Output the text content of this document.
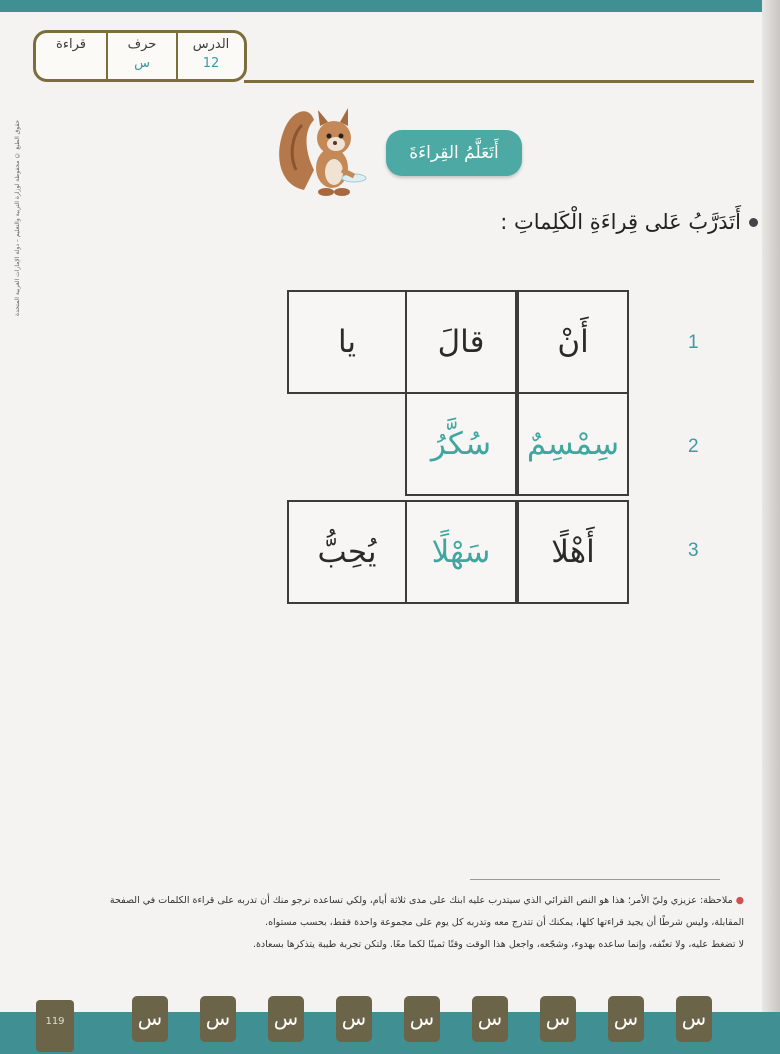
حقوق الطبع © محفوظة لوزارة التربية والتعليم – دولة الإمارات العربية المتحدة
الدرس
12
حرف
س
قراءة
أَتَعَلَّمُ القِراءَةَ
أَتَدَرَّبُ عَلى قِراءَةِ الْكَلِماتِ :
أَنْ
قالَ
يا
سِمْسِمٌ
سُكَّرُ
أَهْلًا
سَهْلًا
يُحِبُّ
1
2
3
● ملاحظة: عزيزي وليّ الأمر؛ هذا هو النص القرائي الذي سيتدرب عليه ابنك على مدى ثلاثة أيام، ولكي تساعده نرجو منك أن تدربه على قراءة الكلمات في الصفحة
المقابلة، وليس شرطًا أن يجيد قراءتها كلها، يمكنك أن تتدرج معه وتدربه كل يوم على مجموعة واحدة فقط، بحسب مستواه.
لا تضغط عليه، ولا تعنّفه، وإنما ساعده بهدوء، وشجّعه، واجعل هذا الوقت وقتًا ثمينًا لكما معًا. ولتكن تجربة طيبة يتذكرها بسعادة.
119	س س س س س س س س س
